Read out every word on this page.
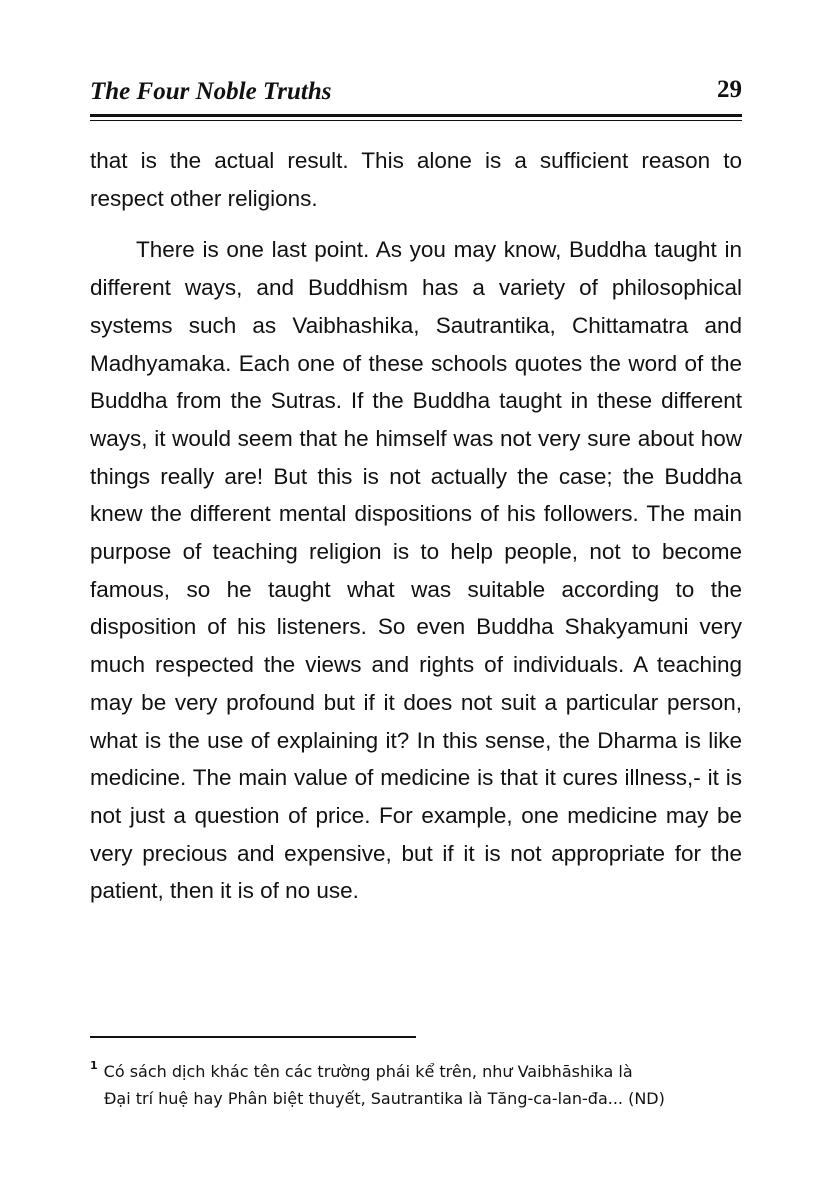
The Four Noble Truths	29

that is the actual result. This alone is a sufficient reason to respect other religions.

There is one last point. As you may know, Buddha taught in different ways, and Buddhism has a variety of philosophical systems such as Vaibhashika, Sautrantika, Chittamatra and Madhyamaka. Each one of these schools quotes the word of the Buddha from the Sutras. If the Buddha taught in these different ways, it would seem that he himself was not very sure about how things really are! But this is not actually the case; the Buddha knew the different mental dispositions of his followers. The main purpose of teaching religion is to help people, not to become famous, so he taught what was suitable according to the disposition of his listeners. So even Buddha Shakyamuni very much respected the views and rights of individuals. A teaching may be very profound but if it does not suit a particular person, what is the use of explaining it? In this sense, the Dharma is like medicine. The main value of medicine is that it cures illness,- it is not just a question of price. For example, one medicine may be very precious and expensive, but if it is not appropriate for the patient, then it is of no use.

1 Có sách dịch khác tên các trường phái kể trên, như Vaibhāshika là
Đại trí huệ hay Phân biệt thuyết, Sautrantika là Tăng-ca-lan-đa... (ND)
